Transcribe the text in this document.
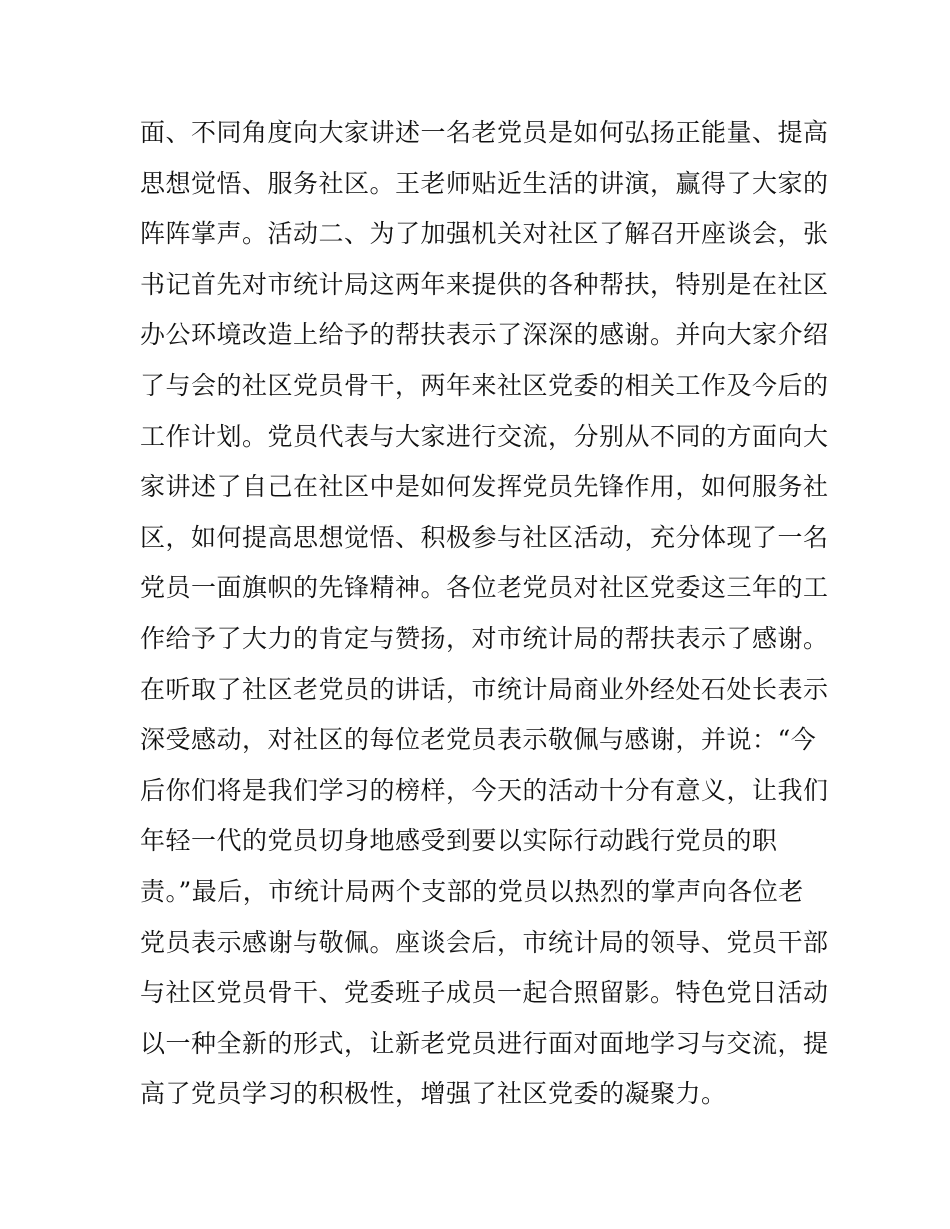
面、不同角度向大家讲述一名老党员是如何弘扬正能量、提高
思想觉悟、服务社区。王老师贴近生活的讲演，赢得了大家的
阵阵掌声。活动二、为了加强机关对社区了解召开座谈会，张
书记首先对市统计局这两年来提供的各种帮扶，特别是在社区
办公环境改造上给予的帮扶表示了深深的感谢。并向大家介绍
了与会的社区党员骨干，两年来社区党委的相关工作及今后的
工作计划。党员代表与大家进行交流，分别从不同的方面向大
家讲述了自己在社区中是如何发挥党员先锋作用，如何服务社
区，如何提高思想觉悟、积极参与社区活动，充分体现了一名
党员一面旗帜的先锋精神。各位老党员对社区党委这三年的工
作给予了大力的肯定与赞扬，对市统计局的帮扶表示了感谢。
在听取了社区老党员的讲话，市统计局商业外经处石处长表示
深受感动，对社区的每位老党员表示敬佩与感谢，并说：“今
后你们将是我们学习的榜样，今天的活动十分有意义，让我们
年轻一代的党员切身地感受到要以实际行动践行党员的职
责。”最后，市统计局两个支部的党员以热烈的掌声向各位老
党员表示感谢与敬佩。座谈会后，市统计局的领导、党员干部
与社区党员骨干、党委班子成员一起合照留影。特色党日活动
以一种全新的形式，让新老党员进行面对面地学习与交流，提
高了党员学习的积极性，增强了社区党委的凝聚力。
